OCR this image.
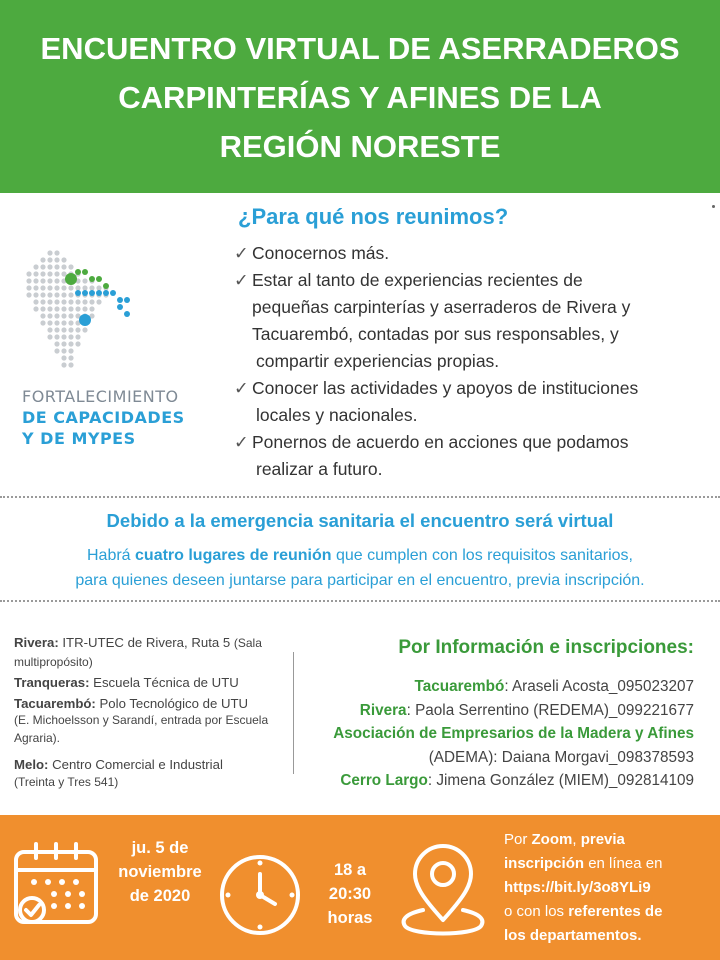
ENCUENTRO VIRTUAL DE ASERRADEROS
CARPINTERÍAS Y AFINES DE LA
REGIÓN NORESTE
FORTALECIMIENTO
DE CAPACIDADES
Y DE MYPES
¿Para qué nos reunimos?
✓ Conocernos más.
✓ Estar al tanto de experiencias recientes de
pequeñas carpinterías y aserraderos de Rivera y
Tacuarembó, contadas por sus responsables, y
compartir experiencias propias.
✓ Conocer las actividades y apoyos de instituciones
locales y nacionales.
✓ Ponernos de acuerdo en acciones que podamos
realizar a futuro.
Debido a la emergencia sanitaria el encuentro será virtual
Habrá cuatro lugares de reunión que cumplen con los requisitos sanitarios,
para quienes deseen juntarse para participar en el encuentro, previa inscripción.
Rivera: ITR-UTEC de Rivera, Ruta 5 (Sala multipropósito)
Tranqueras: Escuela Técnica de UTU
Tacuarembó: Polo Tecnológico de UTU
(E. Michoelsson y Sarandí, entrada por Escuela Agraria).
Melo: Centro Comercial e Industrial
(Treinta y Tres 541)
Por Información e inscripciones:
Tacuarembó: Araseli Acosta_095023207
Rivera: Paola Serrentino (REDEMA)_099221677
Asociación de Empresarios de la Madera y Afines
(ADEMA): Daiana Morgavi_098378593
Cerro Largo: Jimena González (MIEM)_092814109
ju. 5 de
noviembre
de 2020
18 a
20:30
horas
Por Zoom, previa
inscripción en línea en
https://bit.ly/3o8YLi9
o con los referentes de
los departamentos.
